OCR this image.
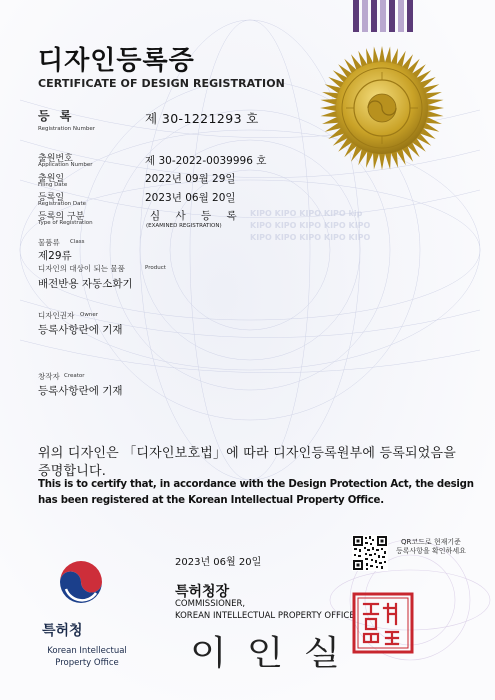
KIPO KIPO KIPO KIPO kip
KIPO KIPO KIPO KIPO KIPO
KIPO KIPO KIPO KIPO KIPO
디자인등록증
CERTIFICATE OF DESIGN REGISTRATION
등 록
Registration Number
제 30-1221293 호
출원번호
Application Number	제 30-2022-0039996 호
출원일
Filing Date	2022년 09월 29일
등록일
Registration Date	2023년 06월 20일
등록의 구분
Type of Registration
심 사 등 록
(EXAMINED REGISTRATION)
물품류 Class
제29류
디자인의 대상이 되는 물품	Product
배전반용 자동소화기
디자인권자 Owner
등록사항란에 기재
창작자 Creator
등록사항란에 기재
위의 디자인은 「디자인보호법」에 따라 디자인등록원부에 등록되었음을
증명합니다.
This is to certify that, in accordance with the Design Protection Act, the design
has been registered at the Korean Intellectual Property Office.
2023년 06월 20일
QR코드로 현재기준
등록사항을 확인하세요
특허청장
COMMISSIONER,
KOREAN INTELLECTUAL PROPERTY OFFICE
이 인 실
특허청
Korean Intellectual
Property Office
